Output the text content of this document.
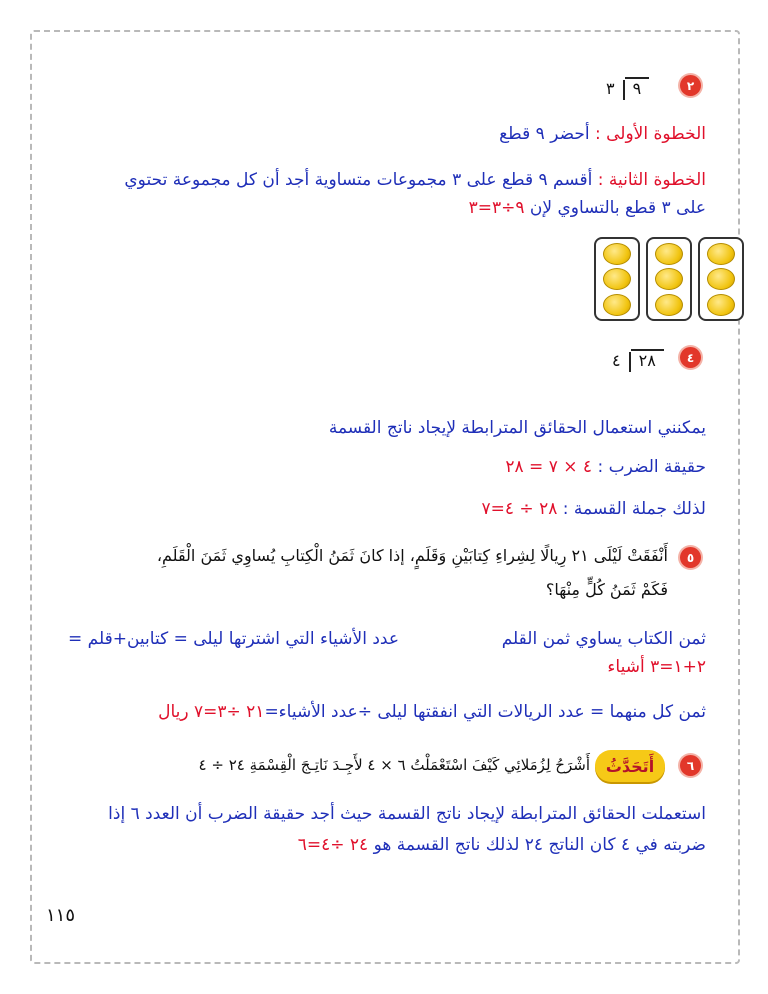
٢
٣ ٩
الخطوة الأولى : أحضر ٩ قطع
الخطوة الثانية : أقسم ٩ قطع على ٣ مجموعات متساوية أجد أن كل مجموعة تحتوي
على ٣ قطع بالتساوي لإن ٩÷٣=٣
٤
٤ ٢٨
يمكنني استعمال الحقائق المترابطة لإيجاد ناتج القسمة
حقيقة الضرب : ٤ × ٧ = ٢٨
لذلك جملة القسمة : ٢٨ ÷ ٤=٧
٥
أَنْفَقَتْ لَيْلَى ٢١ رِيالًا لِشِراءِ كِتابَيْنِ وَقَلَمٍ، إذا كانَ ثَمَنُ الْكِتابِ يُساوِي ثَمَنَ الْقَلَمِ،
فَكَمْ ثَمَنُ كُلٍّ مِنْهَا؟
ثمن الكتاب يساوي ثمن القلم
عدد الأشياء التي اشترتها ليلى = كتابين+قلم =
٢+١=٣ أشياء
ثمن كل منهما = عدد الريالات التي انفقتها ليلى ÷عدد الأشياء=٢١ ÷٣=٧ ريال
٦
أَتَحَدَّثُ
أَشْرَحُ لِزُمَلائِي كَيْفَ اسْتَعْمَلْتُ ٦ × ٤ لأَجِـدَ نَاتِـجَ الْقِسْمَةِ ٢٤ ÷ ٤
استعملت الحقائق المترابطة لإيجاد ناتج القسمة حيث أجد حقيقة الضرب أن العدد ٦ إذا
ضربته في ٤ كان الناتج ٢٤ لذلك ناتج القسمة هو ٢٤ ÷٤=٦
١١٥
